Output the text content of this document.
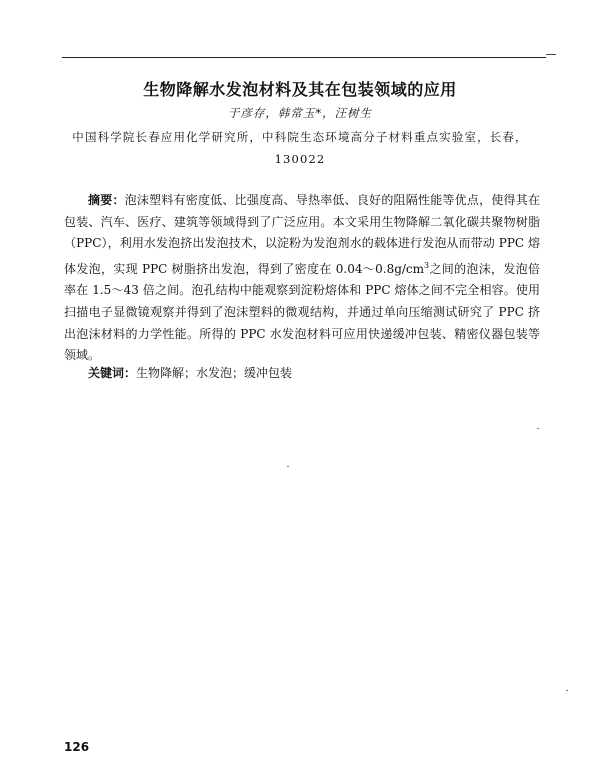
生物降解水发泡材料及其在包装领域的应用
于彦存，韩常玉*，汪树生
中国科学院长春应用化学研究所，中科院生态环境高分子材料重点实验室，长春，130022
摘要：泡沫塑料有密度低、比强度高、导热率低、良好的阻隔性能等优点，使得其在包装、汽车、医疗、建筑等领域得到了广泛应用。本文采用生物降解二氧化碳共聚物树脂（PPC），利用水发泡挤出发泡技术，以淀粉为发泡剂水的载体进行发泡从而带动 PPC 熔体发泡，实现 PPC 树脂挤出发泡，得到了密度在 $0.04\sim 0.8g/cm^3$之间的泡沫，发泡倍率在 1.5～43 倍之间。泡孔结构中能观察到淀粉熔体和 PPC 熔体之间不完全相容。使用扫描电子显微镜观察并得到了泡沫塑料的微观结构，并通过单向压缩测试研究了 PPC 挤出泡沫材料的力学性能。所得的 PPC 水发泡材料可应用快递缓冲包装、精密仪器包装等领域。
关键词：生物降解；水发泡；缓冲包装
126
